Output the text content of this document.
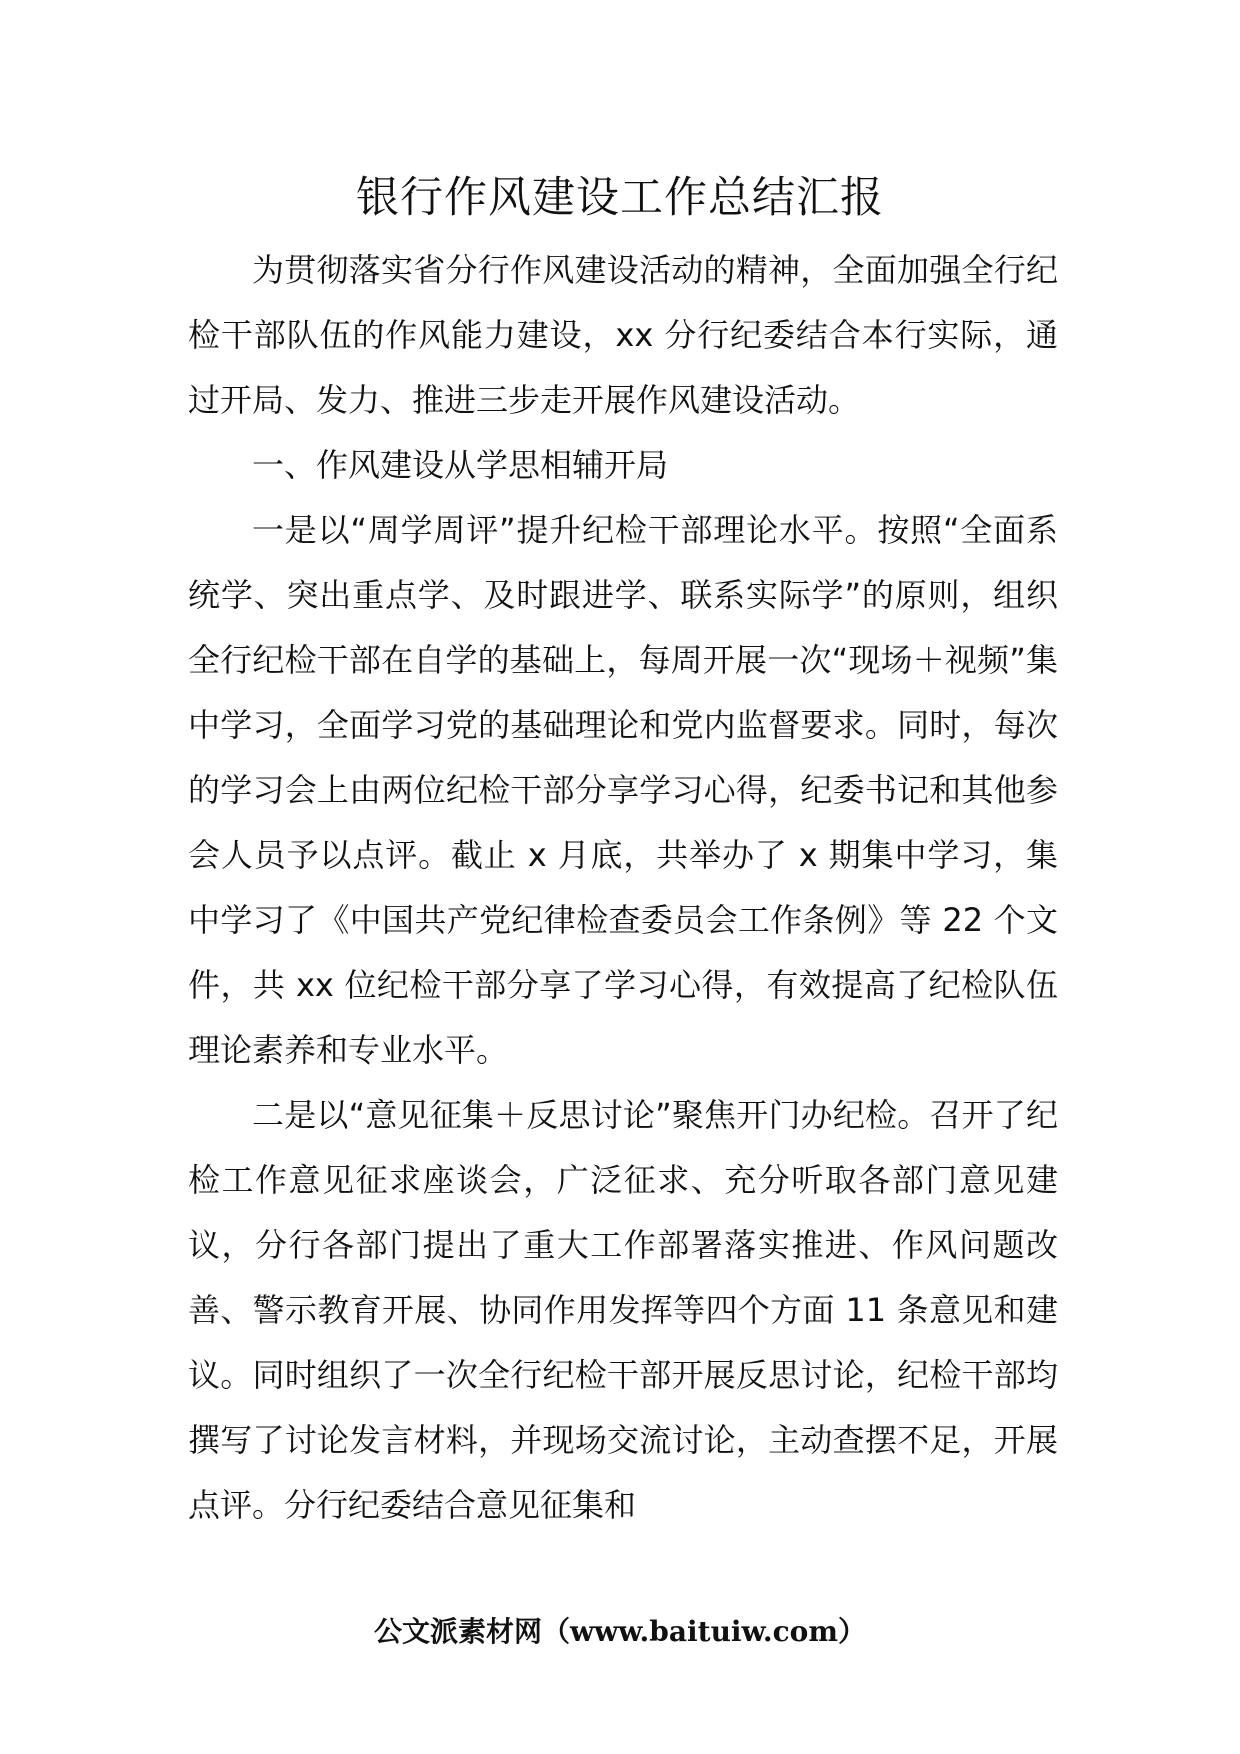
银行作风建设工作总结汇报

为贯彻落实省分行作风建设活动的精神，全面加强全行纪检干部队伍的作风能力建设，xx 分行纪委结合本行实际，通过开局、发力、推进三步走开展作风建设活动。

一、作风建设从学思相辅开局

一是以“周学周评”提升纪检干部理论水平。按照“全面系统学、突出重点学、及时跟进学、联系实际学”的原则，组织全行纪检干部在自学的基础上，每周开展一次“现场＋视频”集中学习，全面学习党的基础理论和党内监督要求。同时，每次的学习会上由两位纪检干部分享学习心得，纪委书记和其他参会人员予以点评。截止 x 月底，共举办了 x 期集中学习，集中学习了《中国共产党纪律检查委员会工作条例》等 22 个文件，共 xx 位纪检干部分享了学习心得，有效提高了纪检队伍理论素养和专业水平。

二是以“意见征集＋反思讨论”聚焦开门办纪检。召开了纪检工作意见征求座谈会，广泛征求、充分听取各部门意见建议，分行各部门提出了重大工作部署落实推进、作风问题改善、警示教育开展、协同作用发挥等四个方面 11 条意见和建议。同时组织了一次全行纪检干部开展反思讨论，纪检干部均撰写了讨论发言材料，并现场交流讨论，主动查摆不足，开展点评。分行纪委结合意见征集和

公文派素材网（www.baituiw.com）
